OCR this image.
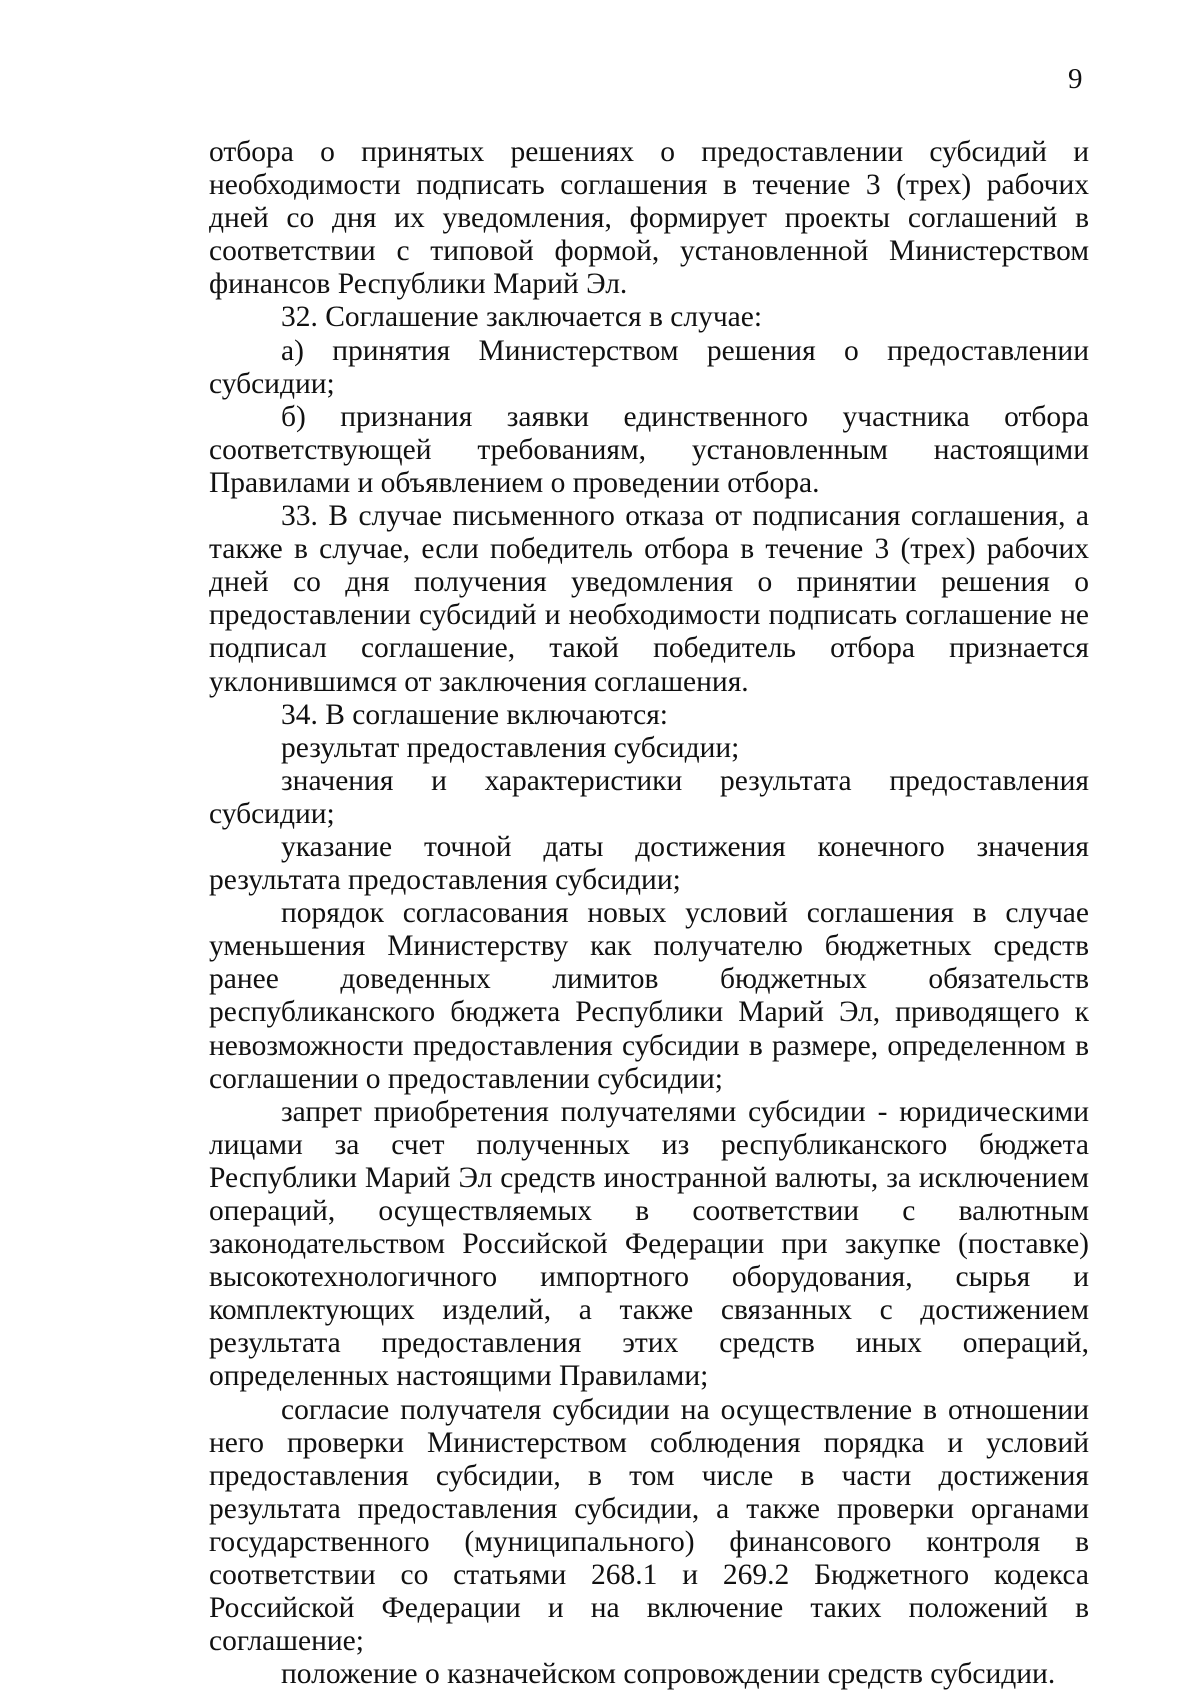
9

отбора о принятых решениях о предоставлении субсидий и необходимости подписать соглашения в течение 3 (трех) рабочих дней со дня их уведомления, формирует проекты соглашений в соответствии с типовой формой, установленной Министерством финансов Республики Марий Эл.

32. Соглашение заключается в случае:

а) принятия Министерством решения о предоставлении субсидии;

б) признания заявки единственного участника отбора соответствующей требованиям, установленным настоящими Правилами и объявлением о проведении отбора.

33. В случае письменного отказа от подписания соглашения, а также в случае, если победитель отбора в течение 3 (трех) рабочих дней со дня получения уведомления о принятии решения о предоставлении субсидий и необходимости подписать соглашение не подписал соглашение, такой победитель отбора признается уклонившимся от заключения соглашения.

34. В соглашение включаются:

результат предоставления субсидии;

значения и характеристики результата предоставления субсидии;

указание точной даты достижения конечного значения результата предоставления субсидии;

порядок согласования новых условий соглашения в случае уменьшения Министерству как получателю бюджетных средств ранее доведенных лимитов бюджетных обязательств республиканского бюджета Республики Марий Эл, приводящего к невозможности предоставления субсидии в размере, определенном в соглашении о предоставлении субсидии;

запрет приобретения получателями субсидии - юридическими лицами за счет полученных из республиканского бюджета Республики Марий Эл средств иностранной валюты, за исключением операций, осуществляемых в соответствии с валютным законодательством Российской Федерации при закупке (поставке) высокотехнологичного импортного оборудования, сырья и комплектующих изделий, а также связанных с достижением результата предоставления этих средств иных операций, определенных настоящими Правилами;

согласие получателя субсидии на осуществление в отношении него проверки Министерством соблюдения порядка и условий предоставления субсидии, в том числе в части достижения результата предоставления субсидии, а также проверки органами государственного (муниципального) финансового контроля в соответствии со статьями 268.1 и 269.2 Бюджетного кодекса Российской Федерации и на включение таких положений в соглашение;

положение о казначейском сопровождении средств субсидии.
